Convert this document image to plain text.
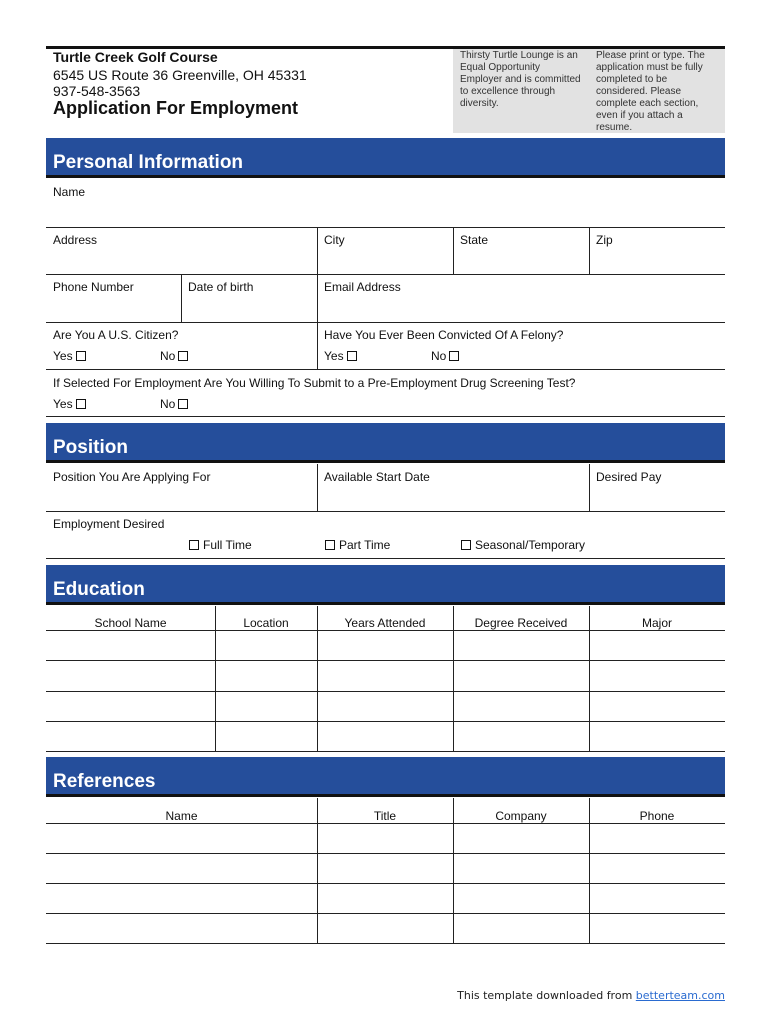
Turtle Creek Golf Course
6545 US Route 36 Greenville, OH 45331
937-548-3563
Application For Employment
Thirsty Turtle Lounge is an Equal Opportunity Employer and is committed to excellence through diversity.
Please print or type. The application must be fully completed to be considered. Please complete each section, even if you attach a resume.
Personal Information
Name
Address	City	State	Zip
Phone Number	Date of birth	Email Address
Are You A U.S. Citizen?
Yes	No
Have You Ever Been Convicted Of A Felony?
Yes	No
If Selected For Employment Are You Willing To Submit to a Pre-Employment Drug Screening Test?
Yes	No
Position
Position You Are Applying For	Available Start Date	Desired Pay
Employment Desired
Full Time	Part Time	Seasonal/Temporary
Education
School Name	Location	Years Attended	Degree Received	Major
References
Name	Title	Company	Phone
This template downloaded from betterteam.com
